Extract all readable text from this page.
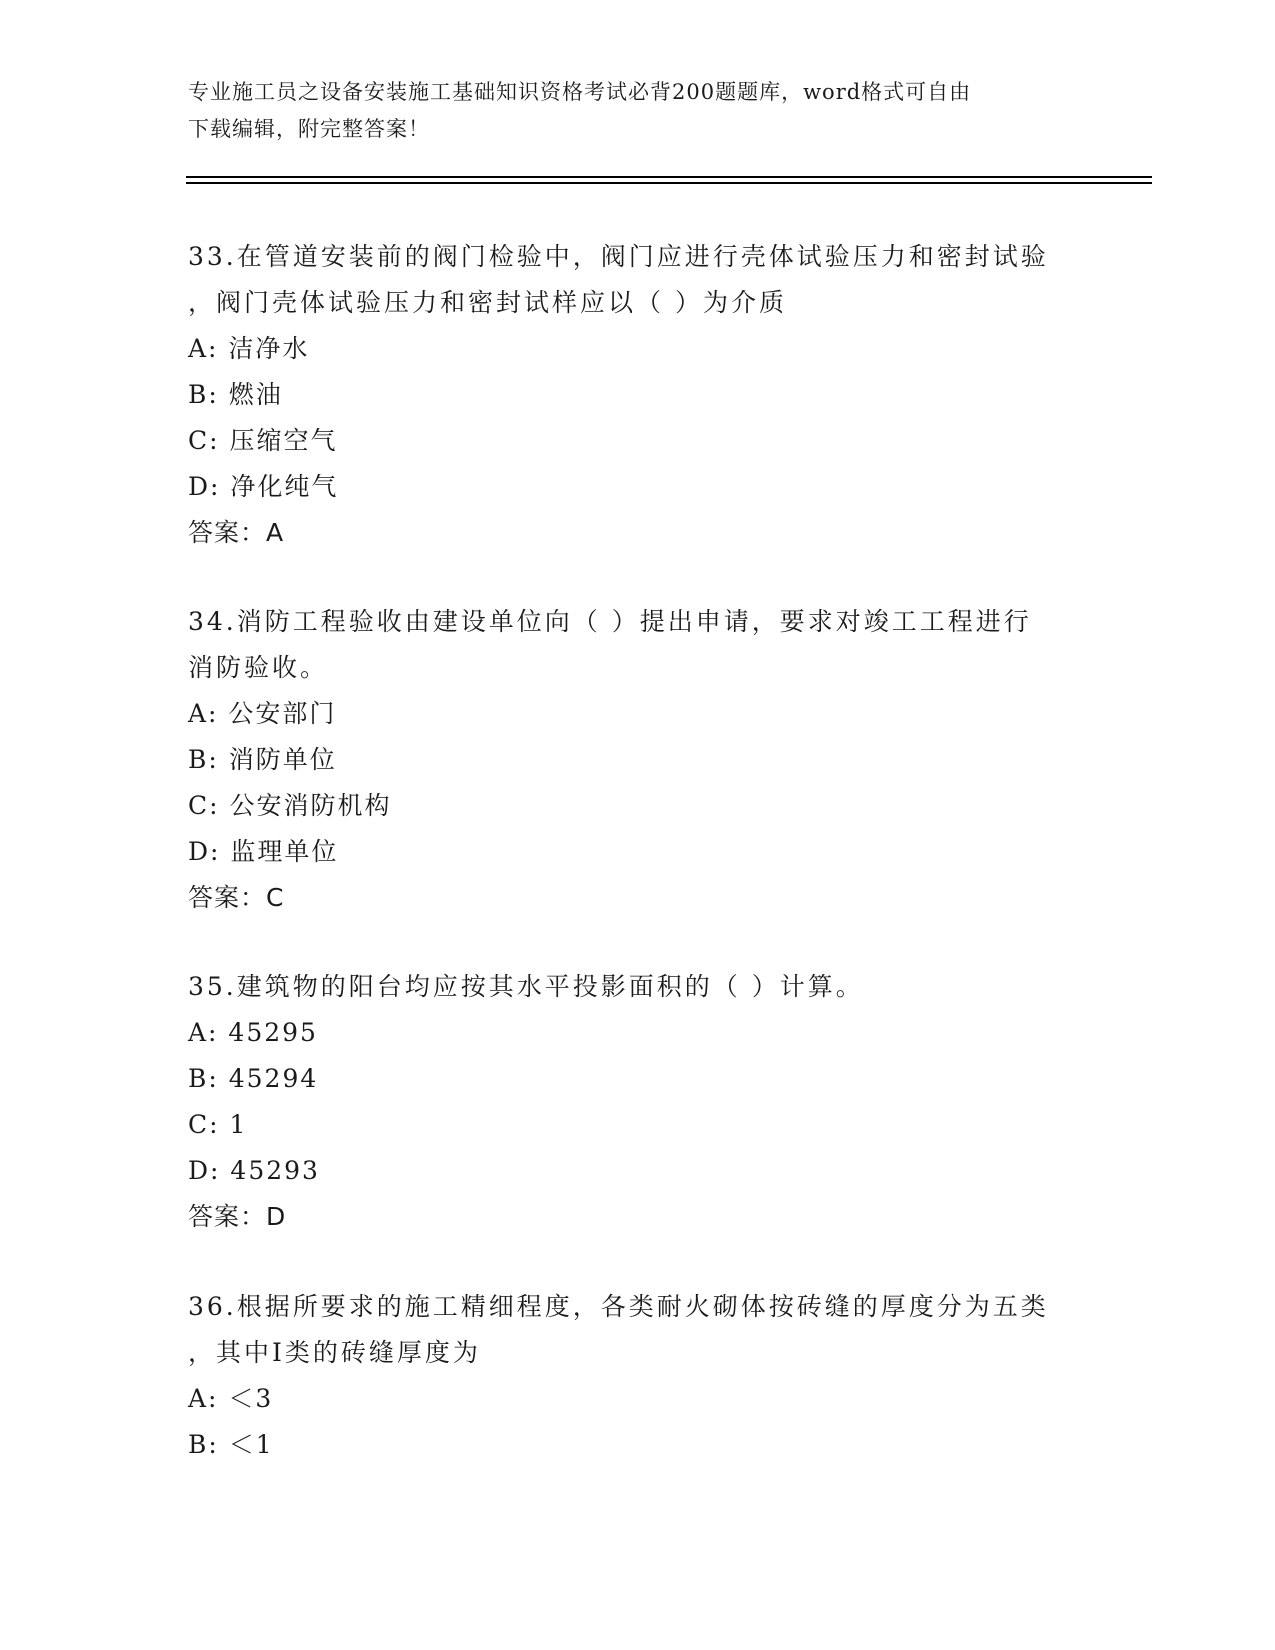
专业施工员之设备安装施工基础知识资格考试必背200题题库，word格式可自由
下载编辑，附完整答案！
33.在管道安装前的阀门检验中，阀门应进行壳体试验压力和密封试验
，阀门壳体试验压力和密封试样应以（ ）为介质
A: 洁净水
B: 燃油
C: 压缩空气
D: 净化纯气
答案：A
34.消防工程验收由建设单位向（ ）提出申请，要求对竣工工程进行
消防验收。
A: 公安部门
B: 消防单位
C: 公安消防机构
D: 监理单位
答案：C
35.建筑物的阳台均应按其水平投影面积的（ ）计算。
A: 45295
B: 45294
C: 1
D: 45293
答案：D
36.根据所要求的施工精细程度，各类耐火砌体按砖缝的厚度分为五类
，其中Ⅰ类的砖缝厚度为
A: ＜3
B: ＜1
